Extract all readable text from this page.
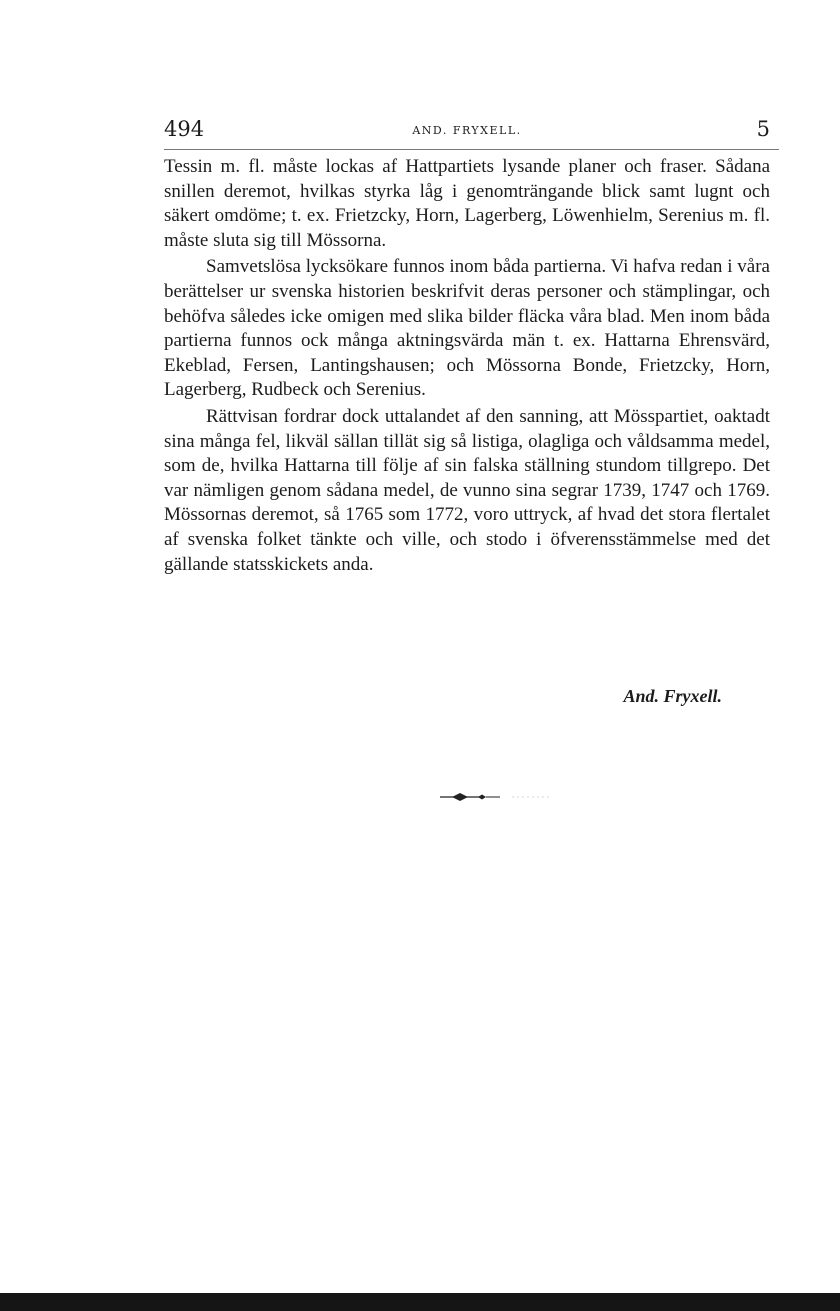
494	AND. FRYXELL.	5

Tessin m. fl. måste lockas af Hattpartiets lysande planer och fraser. Sådana snillen deremot, hvilkas styrka låg i genomträngande blick samt lugnt och säkert omdöme; t. ex. Frietzcky, Horn, Lagerberg, Löwenhielm, Serenius m. fl. måste sluta sig till Mössorna.

Samvetslösa lycksökare funnos inom båda partierna. Vi hafva redan i våra berättelser ur svenska historien beskrifvit deras personer och stämplingar, och behöfva således icke omigen med slika bilder fläcka våra blad. Men inom båda partierna funnos ock många aktningsvärda män t. ex. Hattarna Ehrensvärd, Ekeblad, Fersen, Lantingshausen; och Mössorna Bonde, Frietzcky, Horn, Lagerberg, Rudbeck och Serenius.

Rättvisan fordrar dock uttalandet af den sanning, att Mösspartiet, oaktadt sina många fel, likväl sällan tillät sig så listiga, olagliga och våldsamma medel, som de, hvilka Hattarna till följe af sin falska ställning stundom tillgrepo. Det var nämligen genom sådana medel, de vunno sina segrar 1739, 1747 och 1769. Mössornas deremot, så 1765 som 1772, voro uttryck, af hvad det stora flertalet af svenska folket tänkte och ville, och stodo i öfverensstämmelse med det gällande statsskickets anda.

And. Fryxell.
